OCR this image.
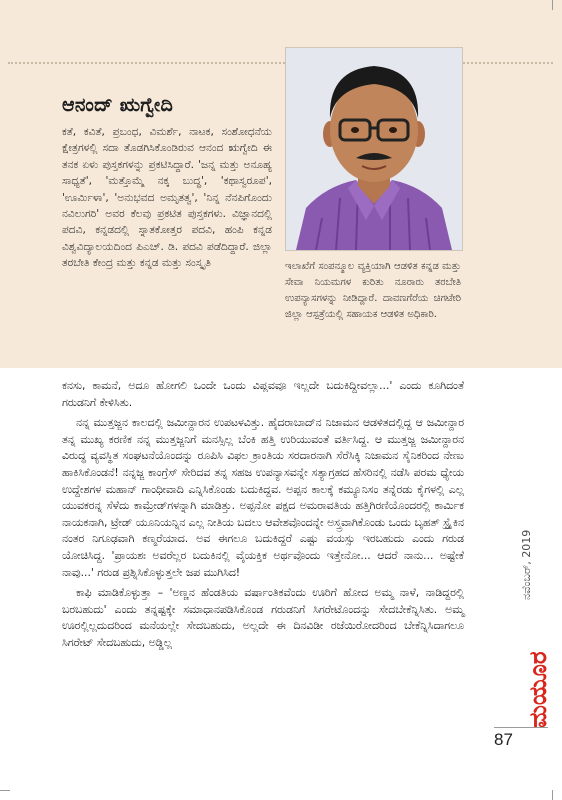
ಆನಂದ್ ಋಗ್ವೇದಿ
ಕತೆ, ಕವಿತೆ, ಪ್ರಬಂಧ, ವಿಮರ್ಶೆ, ನಾಟಕ, ಸಂಶೋಧನೆಯ ಕ್ಷೇತ್ರಗಳಲ್ಲಿ ಸದಾ ತೊಡಗಿಸಿಕೊಂಡಿರುವ ಆನಂದ ಋಗ್ವೇದಿ ಈ ತನಕ ಏಳು ಪುಸ್ತಕಗಳನ್ನು ಪ್ರಕಟಿಸಿದ್ದಾರೆ. 'ಜನ್ನ ಮತ್ತು ಅನೂಹ್ಯ ಸಾಧ್ಯತೆ', 'ಮತ್ತೊಮ್ಮೆ ನಕ್ಕ ಬುದ್ಧ', 'ಕಥಾಸ್ವರೂಪ', 'ಊರ್ಮಿಳಾ', 'ಅನುಭವದ ಅಮೃತತ್ವ', 'ನಿನ್ನ ನೆನಪಿಗೊಂದು ನವಿಲುಗರಿ' ಅವರ ಕೆಲವು ಪ್ರಕಟಿತ ಪುಸ್ತಕಗಳು. ವಿಜ್ಞಾನದಲ್ಲಿ ಪದವಿ, ಕನ್ನಡದಲ್ಲಿ ಸ್ನಾತಕೋತ್ತರ ಪದವಿ, ಹಂಪಿ ಕನ್ನಡ ವಿಶ್ವವಿದ್ಯಾಲಯದಿಂದ ಪಿಎಚ್. ಡಿ. ಪದವಿ ಪಡೆದಿದ್ದಾರೆ. ಜಿಲ್ಲಾ ತರಬೇತಿ ಕೇಂದ್ರ ಮತ್ತು ಕನ್ನಡ ಮತ್ತು ಸಂಸ್ಕೃತಿ	ಇಲಾಖೆಗೆ ಸಂಪನ್ಮೂಲ ವ್ಯಕ್ತಿಯಾಗಿ ಆಡಳಿತ ಕನ್ನಡ ಮತ್ತು ಸೇವಾ ನಿಯಮಗಳ ಕುರಿತು ನೂರಾರು ತರಬೇತಿ ಉಪನ್ಯಾಸಗಳನ್ನು ನೀಡಿದ್ದಾರೆ. ದಾವಣಗೆರೆಯ ಚಿಗಟೇರಿ ಜಿಲ್ಲಾ ಆಸ್ಪತ್ರೆಯಲ್ಲಿ ಸಹಾಯಕ ಆಡಳಿತ ಅಧಿಕಾರಿ.

ಕನಸು, ಕಾಮನೆ, ಅದೂ ಹೋಗಲಿ ಒಂದೇ ಒಂದು ವಿಪ್ಲವವೂ ಇಲ್ಲದೇ ಬದುಕಿದ್ದೀವಲ್ಲಾ...' ಎಂದು ಕೂಗಿದಂತೆ ಗರುಡನಿಗೆ ಕೇಳಿಸಿತು.

ನನ್ನ ಮುತ್ತಜ್ಜನ ಕಾಲದಲ್ಲಿ ಜಮೀನ್ದಾರನ ಉಪಟಳವಿತ್ತು. ಹೈದರಾಬಾದ್‌ನ ನಿಜಾಮನ ಆಡಳಿತದಲ್ಲಿದ್ದ ಆ ಜಮೀನ್ದಾರ ತನ್ನ ಮುಖ್ಯ ಕರಣಿಕ ನನ್ನ ಮುತ್ತಜ್ಜನಿಗೆ ಮನಸ್ಸಿಲ್ಲ ಬೆಂಕಿ ಹತ್ತಿ ಉರಿಯುವಂತೆ ವರ್ತಿಸಿದ್ದ. ಆ ಮುತ್ತಜ್ಜ ಜಮೀನ್ದಾರನ ವಿರುದ್ಧ ವ್ಯವಸ್ಥಿತ ಸಂಘಟನೆಯೊಂದನ್ನು ರೂಪಿಸಿ ವಿಫಲ ಕ್ರಾಂತಿಯ ಸರದಾರನಾಗಿ ಸೆರೆಸಿಕ್ಕಿ ನಿಜಾಮನ ಸೈನಿಕರಿಂದ ನೇಣು ಹಾಕಿಸಿಕೊಂಡನೆ! ನನ್ನಜ್ಜ ಕಾಂಗ್ರೆಸ್ ಸೇರಿದವ ತನ್ನ ಸಹಜ ಉಪನ್ಯಾಸವನ್ನೇ ಸತ್ಯಾಗ್ರಹದ ಹೆಸರಿನಲ್ಲಿ ನಡೆಸಿ ಪರಮ ಧ್ಯೇಯ ಉದ್ದೇಶಗಳ ಮಹಾನ್ ಗಾಂಧೀವಾದಿ ಎನ್ನಿಸಿಕೊಂಡು ಬದುಕಿದ್ದವ. ಅಪ್ಪನ ಕಾಲಕ್ಕೆ ಕಮ್ಯೂನಿಸಂ ತನ್ನೆರಡು ಕೈಗಳಲ್ಲಿ ಎಲ್ಲ ಯುವಕರನ್ನ ಸೆಳೆದು ಕಾಮ್ರೇಡ್‌ಗಳನ್ನಾಗಿ ಮಾಡಿತ್ತು. ಅಪ್ಪನೋ ಪಕ್ಷದ ಅಮರಾವತಿಯ ಹತ್ತಿಗಿರಣಿಯೊಂದರಲ್ಲಿ ಕಾರ್ಮಿಕ ನಾಯಕನಾಗಿ, ಟ್ರೇಡ್ ಯೂನಿಯನ್ನಿನ ಎಲ್ಲ ನೀತಿಯ ಬದಲು ಆವೇಶವೊಂದನ್ನೇ ಅಸ್ತ್ರವಾಗಿಕೊಂಡು ಒಂದು ಬೃಹತ್ ಸ್ಟ್ರೈಕಿನ ನಂತರ ನಿಗೂಢವಾಗಿ ಕಣ್ಮರೆಯಾದ. ಅವ ಈಗಲೂ ಬದುಕಿದ್ದರೆ ಎಷ್ಟು ವಯಸ್ಸು ಇರಬಹುದು ಎಂದು ಗರುಡ ಯೋಚಿಸಿದ್ದ. 'ಪ್ರಾಯಶಃ ಅವರೆಲ್ಲರ ಬದುಕಿನಲ್ಲಿ ವೈಯಕ್ತಿಕ ಅರ್ಥವೊಂದು ಇತ್ತೇನೋ... ಆದರೆ ನಾನು... ಅಷ್ಟೇಕೆ ನಾವು...' ಗರುಡ ಪ್ರಶ್ನಿಸಿಕೊಳ್ಳುತ್ತಲೇ ಜಪ ಮುಗಿಸಿದ!

ಕಾಫಿ ಮಾಡಿಕೊಳ್ಳುತ್ತಾ – 'ಅಣ್ಣನ ಹೆಂಡತಿಯ ವರ್ಷಾಂತಿಕವೆಂದು ಊರಿಗೆ ಹೋದ ಅಮ್ಮ ನಾಳೆ, ನಾಡಿದ್ದರಲ್ಲಿ ಬರಬಹುದು' ಎಂದು ತನ್ನಷ್ಟಕ್ಕೇ ಸಮಾಧಾನಪಡಿಸಿಕೊಂಡ ಗರುಡನಿಗೆ ಸಿಗರೇಟೊಂದನ್ನು ಸೇದಬೇಕೆನ್ನಿಸಿತು. ಅಮ್ಮ ಊರಲ್ಲಿಲ್ಲದುದರಿಂದ ಮನೆಯಲ್ಲೇ ಸೇದಬಹುದು, ಅಲ್ಲದೇ ಈ ದಿನವಿಡೀ ರಜೆಯಿರೋದರಿಂದ ಬೇಕೆನ್ನಿಸಿದಾಗಲೂ ಸಿಗರೇಟ್ ಸೇದಬಹುದು, ಅಡ್ಡಿಲ್ಲ

ನವೆಂಬರ್, 2019
ಮಯೂರ
87
